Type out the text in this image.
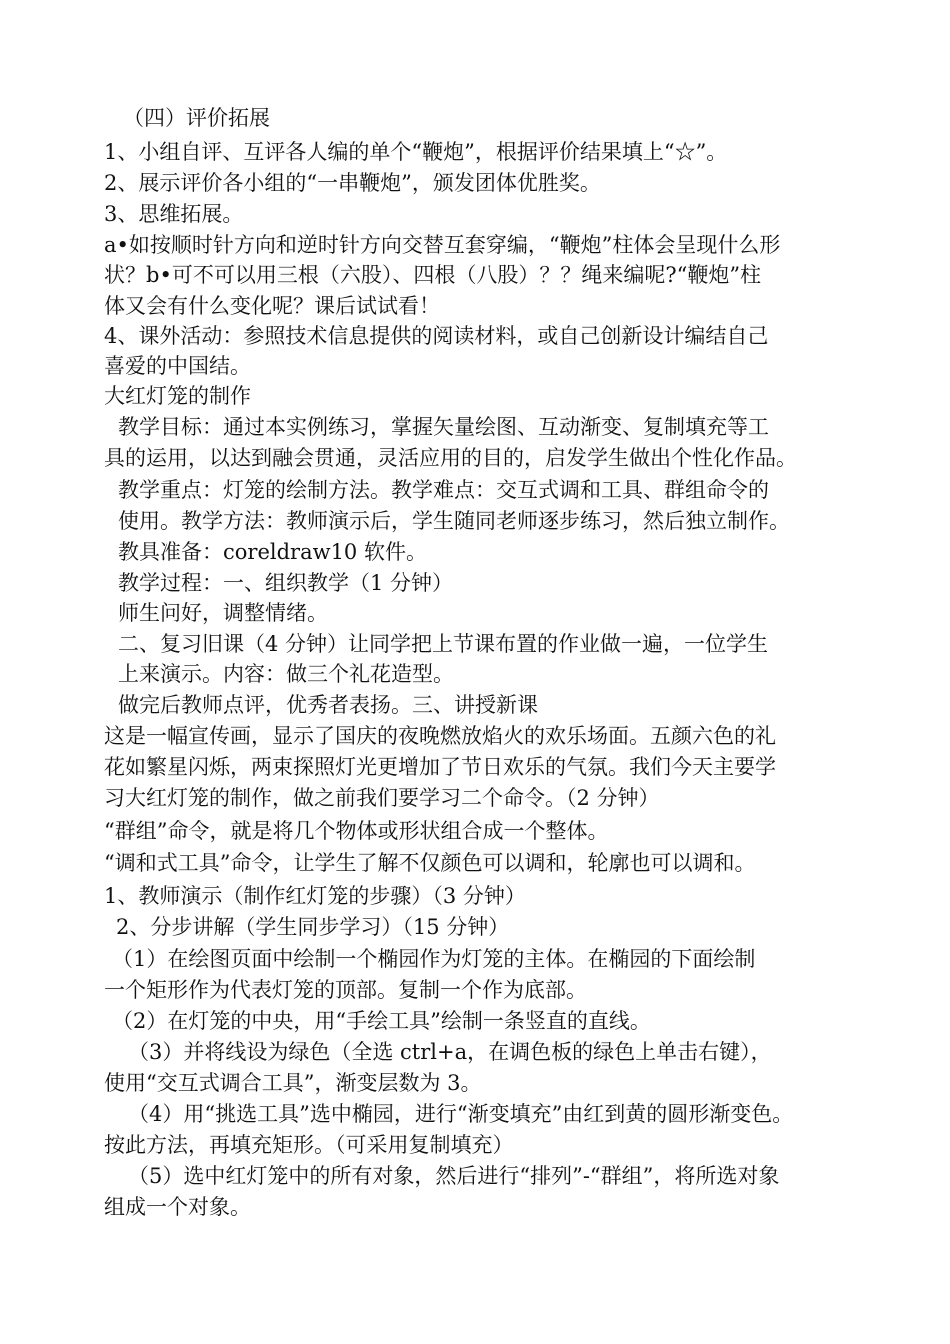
（四）评价拓展
1、小组自评、互评各人编的单个“鞭炮”，根据评价结果填上“☆”。
2、展示评价各小组的“一串鞭炮”，颁发团体优胜奖。
3、思维拓展。
a•如按顺时针方向和逆时针方向交替互套穿编，“鞭炮”柱体会呈现什么形
状？b•可不可以用三根（六股）、四根（八股）？？绳来编呢?“鞭炮”柱
体又会有什么变化呢？课后试试看！
4、课外活动：参照技术信息提供的阅读材料，或自己创新设计编结自己
喜爱的中国结。
大红灯笼的制作
教学目标：通过本实例练习，掌握矢量绘图、互动渐变、复制填充等工
具的运用，以达到融会贯通，灵活应用的目的，启发学生做出个性化作品。
教学重点：灯笼的绘制方法。教学难点：交互式调和工具、群组命令的
使用。教学方法：教师演示后，学生随同老师逐步练习，然后独立制作。
教具准备：coreldraw10 软件。
教学过程：一、组织教学（1 分钟）
师生问好，调整情绪。
二、复习旧课（4 分钟）让同学把上节课布置的作业做一遍，一位学生
上来演示。内容：做三个礼花造型。
做完后教师点评，优秀者表扬。三、讲授新课
这是一幅宣传画，显示了国庆的夜晚燃放焰火的欢乐场面。五颜六色的礼
花如繁星闪烁，两束探照灯光更增加了节日欢乐的气氛。我们今天主要学
习大红灯笼的制作，做之前我们要学习二个命令。（2 分钟）
“群组”命令，就是将几个物体或形状组合成一个整体。
“调和式工具”命令，让学生了解不仅颜色可以调和，轮廓也可以调和。
1、教师演示（制作红灯笼的步骤）（3 分钟）
2、分步讲解（学生同步学习）（15 分钟）
（1）在绘图页面中绘制一个椭园作为灯笼的主体。在椭园的下面绘制
一个矩形作为代表灯笼的顶部。复制一个作为底部。
（2）在灯笼的中央，用“手绘工具”绘制一条竖直的直线。
（3）并将线设为绿色（全选 ctrl+a，在调色板的绿色上单击右键），
使用“交互式调合工具”，渐变层数为 3。
（4）用“挑选工具”选中椭园，进行“渐变填充”由红到黄的圆形渐变色。
按此方法，再填充矩形。（可采用复制填充）
（5）选中红灯笼中的所有对象，然后进行“排列”-“群组”，将所选对象
组成一个对象。
